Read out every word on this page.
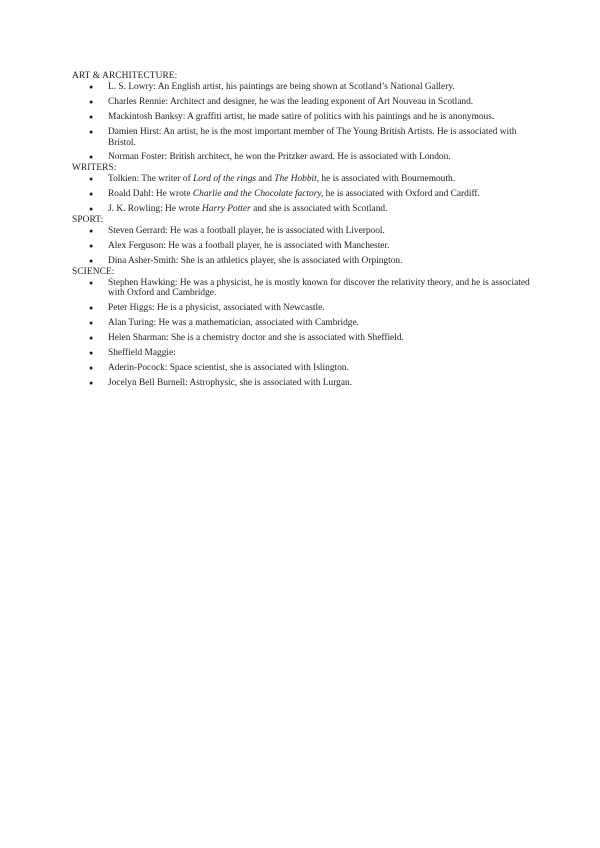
ART & ARCHITECTURE:
● L. S. Lowry: An English artist, his paintings are being shown at Scotland’s National Gallery.
● Charles Rennie: Architect and designer, he was the leading exponent of Art Nouveau in Scotland.
● Mackintosh Banksy: A graffiti artist, he made satire of politics with his paintings and he is anonymous.
● Damien Hirst: An artist, he is the most important member of The Young British Artists. He is associated with Bristol.
● Norman Foster: British architect, he won the Pritzker award. He is associated with London.
WRITERS:
● Tolkien: The writer of Lord of the rings and The Hobbit, he is associated with Bournemouth.
● Roald Dahl: He wrote Charlie and the Chocolate factory, he is associated with Oxford and Cardiff.
● J. K. Rowling: He wrote Harry Potter and she is associated with Scotland.
SPORT:
● Steven Gerrard: He was a football player, he is associated with Liverpool.
● Alex Ferguson: He was a football player, he is associated with Manchester.
● Dina Asher-Smith: She is an athletics player, she is associated with Orpington.
SCIENCE:
● Stephen Hawking: He was a physicist, he is mostly known for discover the relativity theory, and he is associated with Oxford and Cambridge.
● Peter Higgs: He is a physicist, associated with Newcastle.
● Alan Turing: He was a mathematician, associated with Cambridge.
● Helen Sharman: She is a chemistry doctor and she is associated with Sheffield.
● Sheffield Maggie:
● Aderin-Pocock: Space scientist, she is associated with Islington.
● Jocelyn Bell Burnell: Astrophysic, she is associated with Lurgan.
